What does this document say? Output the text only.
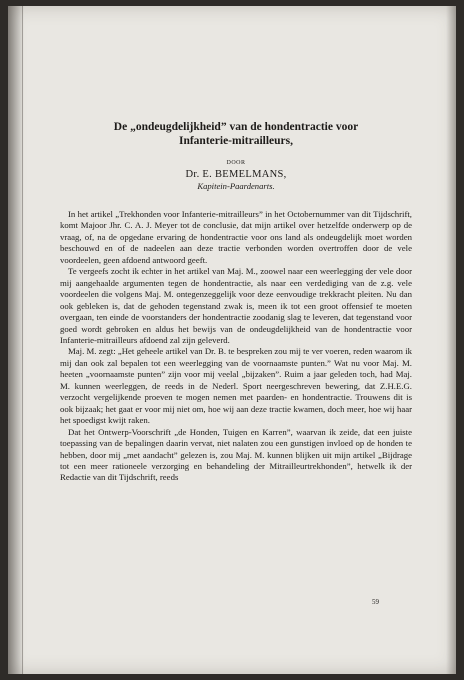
De „ondeugdelijkheid” van de hondentractie voor
Infanterie-mitrailleurs,

DOOR
Dr. E. BEMELMANS,
Kapitein-Paardenarts.

In het artikel „Trekhonden voor Infanterie-mitrailleurs” in het Octobernummer van dit Tijdschrift, komt Majoor Jhr. C. A. J. Meyer tot de conclusie, dat mijn artikel over hetzelfde onderwerp op de vraag, of, na de opgedane ervaring de hondentractie voor ons land als ondeugdelijk moet worden beschouwd en of de nadeelen aan deze tractie verbonden worden overtroffen door de vele voordeelen, geen afdoend antwoord geeft.

Te vergeefs zocht ik echter in het artikel van Maj. M., zoowel naar een weerlegging der vele door mij aangehaalde argumenten tegen de hondentractie, als naar een verdediging van de z.g. vele voordeelen die volgens Maj. M. ontegenzeggelijk voor deze eenvoudige trekkracht pleiten. Nu dan ook gebleken is, dat de gehoden tegenstand zwak is, meen ik tot een groot offensief te moeten overgaan, ten einde de voorstanders der hondentractie zoodanig slag te leveren, dat tegenstand voor goed wordt gebroken en aldus het bewijs van de ondeugdelijkheid van de hondentractie voor Infanterie-mitrailleurs afdoend zal zijn geleverd.

Maj. M. zegt: „Het geheele artikel van Dr. B. te bespreken zou mij te ver voeren, reden waarom ik mij dan ook zal bepalen tot een weerlegging van de voornaamste punten.” Wat nu voor Maj. M. heeten „voornaamste punten” zijn voor mij veelal „bijzaken”. Ruim a jaar geleden toch, had Maj. M. kunnen weerleggen, de reeds in de Nederl. Sport neergeschreven bewering, dat Z.H.E.G. verzocht vergelijkende proeven te mogen nemen met paarden- en hondentractie. Trouwens dit is ook bijzaak; het gaat er voor mij niet om, hoe wij aan deze tractie kwamen, doch meer, hoe wij haar het spoedigst kwijt raken.

Dat het Ontwerp-Voorschrift „de Honden, Tuigen en Karren”, waarvan ik zeide, dat een juiste toepassing van de bepalingen daarin vervat, niet nalaten zou een gunstigen invloed op de honden te hebben, door mij „met aandacht” gelezen is, zou Maj. M. kunnen blijken uit mijn artikel „Bijdrage tot een meer rationeele verzorging en behandeling der Mitrailleurtrekhonden”, hetwelk ik der Redactie van dit Tijdschrift, reeds

59
